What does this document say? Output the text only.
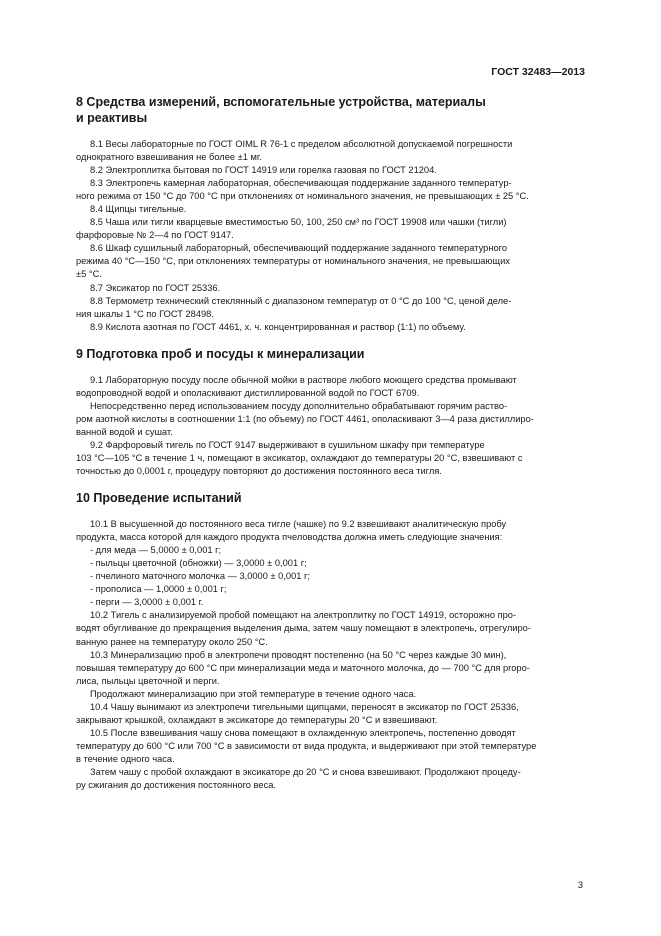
ГОСТ 32483—2013
8 Средства измерений, вспомогательные устройства, материалы
и реактивы

8.1 Весы лабораторные по ГОСТ OIML R 76-1 с пределом абсолютной допускаемой погрешности

однократного взвешивания не более ±1 мг.

8.2 Электроплитка бытовая по ГОСТ 14919 или горелка газовая по ГОСТ 21204.

8.3 Электропечь камерная лабораторная, обеспечивающая поддержание заданного температур-

ного режима от 150 °С до 700 °С при отклонениях от номинального значения, не превышающих ± 25 °С.

8.4 Щипцы тигельные.

8.5 Чаша или тигли кварцевые вместимостью 50, 100, 250 см³ по ГОСТ 19908 или чашки (тигли)

фарфоровые № 2—4 по ГОСТ 9147.

8.6 Шкаф сушильный лабораторный, обеспечивающий поддержание заданного температурного

режима 40 °С—150 °С, при отклонениях температуры от номинального значения, не превышающих

±5 °С.

8.7 Эксикатор по ГОСТ 25336.

8.8 Термометр технический стеклянный с диапазоном температур от 0 °С до 100 °С, ценой деле-

ния шкалы 1 °С по ГОСТ 28498.

8.9 Кислота азотная по ГОСТ 4461, х. ч. концентрированная и раствор (1:1) по объему.

9 Подготовка проб и посуды к минерализации

9.1 Лабораторную посуду после обычной мойки в растворе любого моющего средства промывают

водопроводной водой и ополаскивают дистиллированной водой по ГОСТ 6709.

Непосредственно перед использованием посуду дополнительно обрабатывают горячим раство-

ром азотной кислоты в соотношении 1:1 (по объему) по ГОСТ 4461, ополаскивают 3—4 раза дистиллиро-

ванной водой и сушат.

9.2 Фарфоровый тигель по ГОСТ 9147 выдерживают в сушильном шкафу при температуре

103 °С—105 °С в течение 1 ч, помещают в эксикатор, охлаждают до температуры 20 °С, взвешивают с

точностью до 0,0001 г, процедуру повторяют до достижения постоянного веса тигля.

10 Проведение испытаний

10.1 В высушенной до постоянного веса тигле (чашке) по 9.2 взвешивают аналитическую пробу

продукта, масса которой для каждого продукта пчеловодства должна иметь следующие значения:

- для меда — 5,0000 ± 0,001 г;

- пыльцы цветочной (обножки) — 3,0000 ± 0,001 г;

- пчелиного маточного молочка — 3,0000 ± 0,001 г;

- прополиса — 1,0000 ± 0,001 г;

- перги — 3,0000 ± 0,001 г.

10.2 Тигель с анализируемой пробой помещают на электроплитку по ГОСТ 14919, осторожно про-

водят обугливание до прекращения выделения дыма, затем чашу помещают в электропечь, отрегулиро-

ванную ранее на температуру около 250 °С.

10.3 Минерализацию проб в электропечи проводят постепенно (на 50 °С через каждые 30 мин),

повышая температуру до 600 °С при минерализации меда и маточного молочка, до — 700 °С для propo-

лиса, пыльцы цветочной и перги.

Продолжают минерализацию при этой температуре в течение одного часа.

10.4 Чашу вынимают из электропечи тигельными щипцами, переносят в эксикатор по ГОСТ 25336,

закрывают крышкой, охлаждают в эксикаторе до температуры 20 °С и взвешивают.

10.5 После взвешивания чашу снова помещают в охлажденную электропечь, постепенно доводят

температуру до 600 °С или 700 °С в зависимости от вида продукта, и выдерживают при этой температуре

в течение одного часа.

Затем чашу с пробой охлаждают в эксикаторе до 20 °С и снова взвешивают. Продолжают процеду-

ру сжигания до достижения постоянного веса.

3
